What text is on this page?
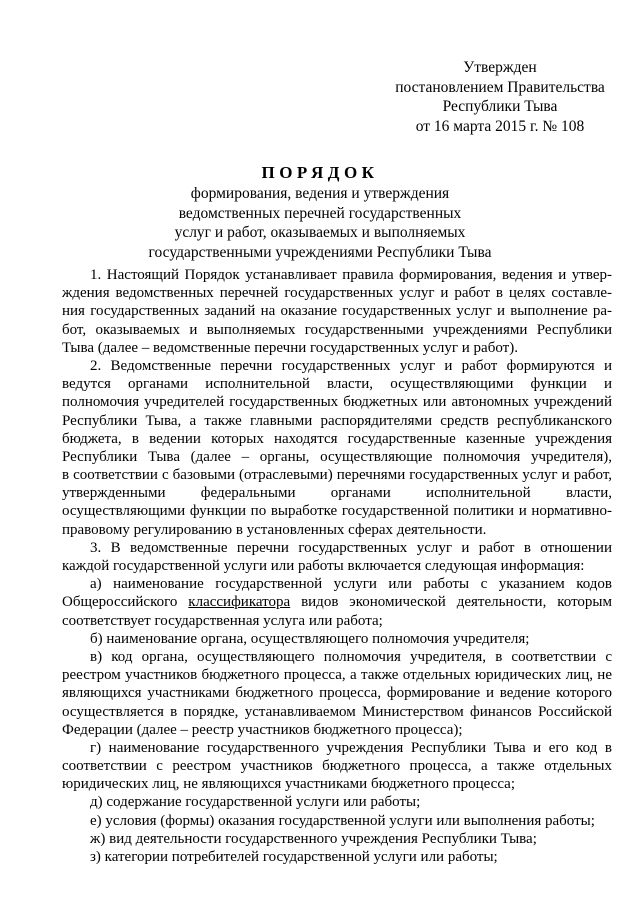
Утвержден
постановлением Правительства
Республики Тыва
от 16 марта 2015 г. № 108
ПОРЯДОК
формирования, ведения и утверждения
ведомственных перечней государственных
услуг и работ, оказываемых и выполняемых
государственными учреждениями Республики Тыва
1. Настоящий Порядок устанавливает правила формирования, ведения и утвер-
ждения ведомственных перечней государственных услуг и работ в целях составле-
ния государственных заданий на оказание государственных услуг и выполнение ра-
бот, оказываемых и выполняемых государственными учреждениями Республики
Тыва (далее – ведомственные перечни государственных услуг и работ).
2. Ведомственные перечни государственных услуг и работ формируются и
ведутся органами исполнительной власти, осуществляющими функции и
полномочия учредителей государственных бюджетных или автономных учреждений
Республики Тыва, а также главными распорядителями средств республиканского
бюджета, в ведении которых находятся государственные казенные учреждения
Республики Тыва (далее – органы, осуществляющие полномочия учредителя),
в соответствии с базовыми (отраслевыми) перечнями государственных услуг и работ,
утвержденными федеральными органами исполнительной власти,
осуществляющими функции по выработке государственной политики и нормативно-
правовому регулированию в установленных сферах деятельности.
3. В ведомственные перечни государственных услуг и работ в отношении
каждой государственной услуги или работы включается следующая информация:
а) наименование государственной услуги или работы с указанием кодов
Общероссийского классификатора видов экономической деятельности, которым
соответствует государственная услуга или работа;
б) наименование органа, осуществляющего полномочия учредителя;
в) код органа, осуществляющего полномочия учредителя, в соответствии с
реестром участников бюджетного процесса, а также отдельных юридических лиц, не
являющихся участниками бюджетного процесса, формирование и ведение которого
осуществляется в порядке, устанавливаемом Министерством финансов Российской
Федерации (далее – реестр участников бюджетного процесса);
г) наименование государственного учреждения Республики Тыва и его код в
соответствии с реестром участников бюджетного процесса, а также отдельных
юридических лиц, не являющихся участниками бюджетного процесса;
д) содержание государственной услуги или работы;
е) условия (формы) оказания государственной услуги или выполнения работы;
ж) вид деятельности государственного учреждения Республики Тыва;
з) категории потребителей государственной услуги или работы;
